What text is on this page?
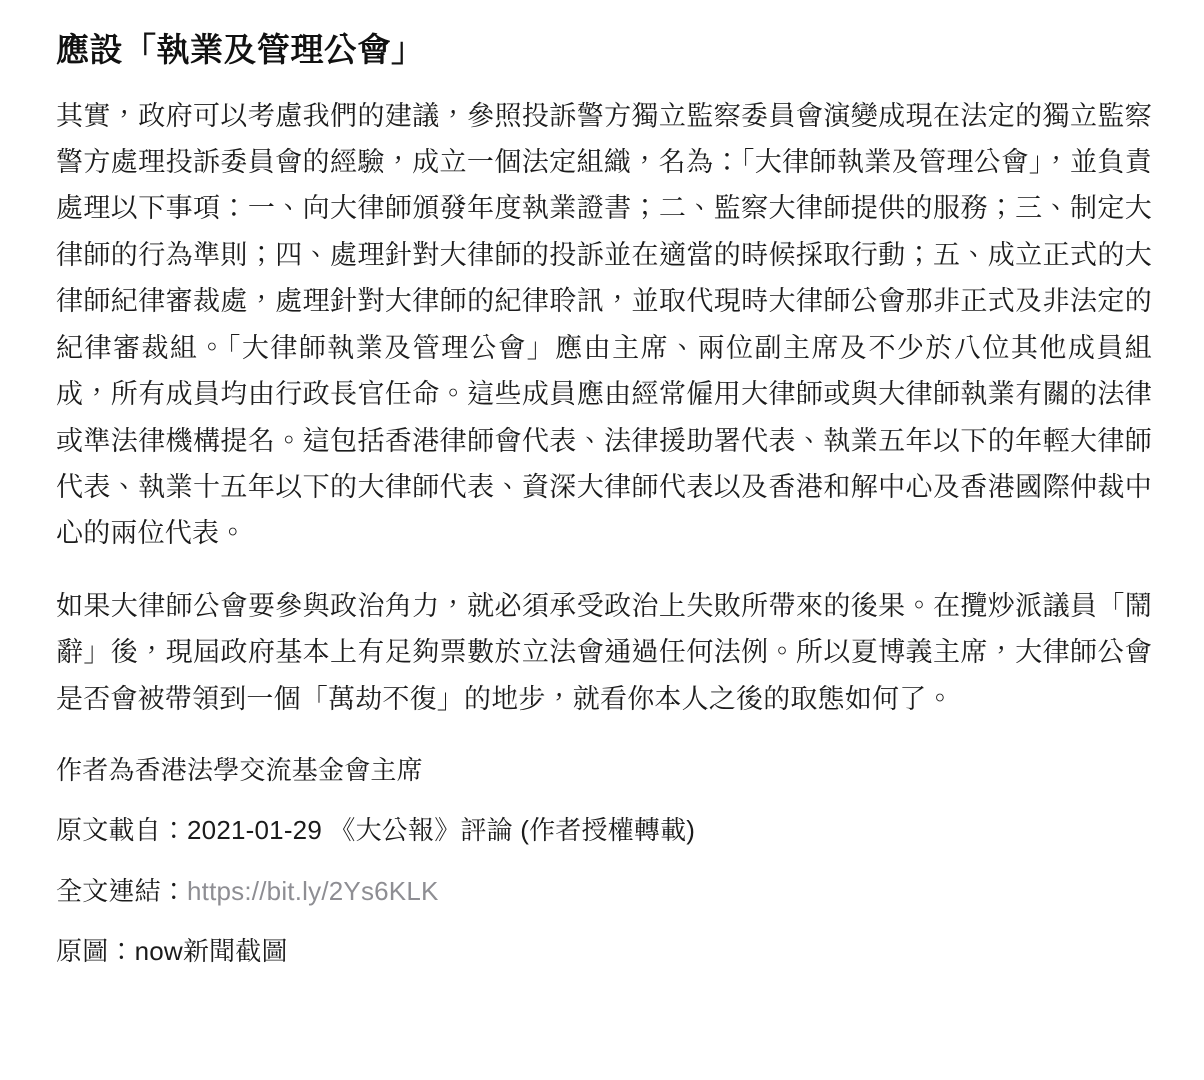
應設「執業及管理公會」

其實，政府可以考慮我們的建議，參照投訴警方獨立監察委員會演變成現在法定的獨立監察警方處理投訴委員會的經驗，成立一個法定組織，名為：「大律師執業及管理公會」，並負責處理以下事項：一、向大律師頒發年度執業證書；二、監察大律師提供的服務；三、制定大律師的行為準則；四、處理針對大律師的投訴並在適當的時候採取行動；五、成立正式的大律師紀律審裁處，處理針對大律師的紀律聆訊，並取代現時大律師公會那非正式及非法定的紀律審裁組。「大律師執業及管理公會」應由主席、兩位副主席及不少於八位其他成員組成，所有成員均由行政長官任命。這些成員應由經常僱用大律師或與大律師執業有關的法律或準法律機構提名。這包括香港律師會代表、法律援助署代表、執業五年以下的年輕大律師代表、執業十五年以下的大律師代表、資深大律師代表以及香港和解中心及香港國際仲裁中心的兩位代表。

如果大律師公會要參與政治角力，就必須承受政治上失敗所帶來的後果。在攬炒派議員「鬧辭」後，現屆政府基本上有足夠票數於立法會通過任何法例。所以夏博義主席，大律師公會是否會被帶領到一個「萬劫不復」的地步，就看你本人之後的取態如何了。

作者為香港法學交流基金會主席

原文載自：2021-01-29 《大公報》評論 (作者授權轉載)

全文連結：https://bit.ly/2Ys6KLK

原圖：now新聞截圖
